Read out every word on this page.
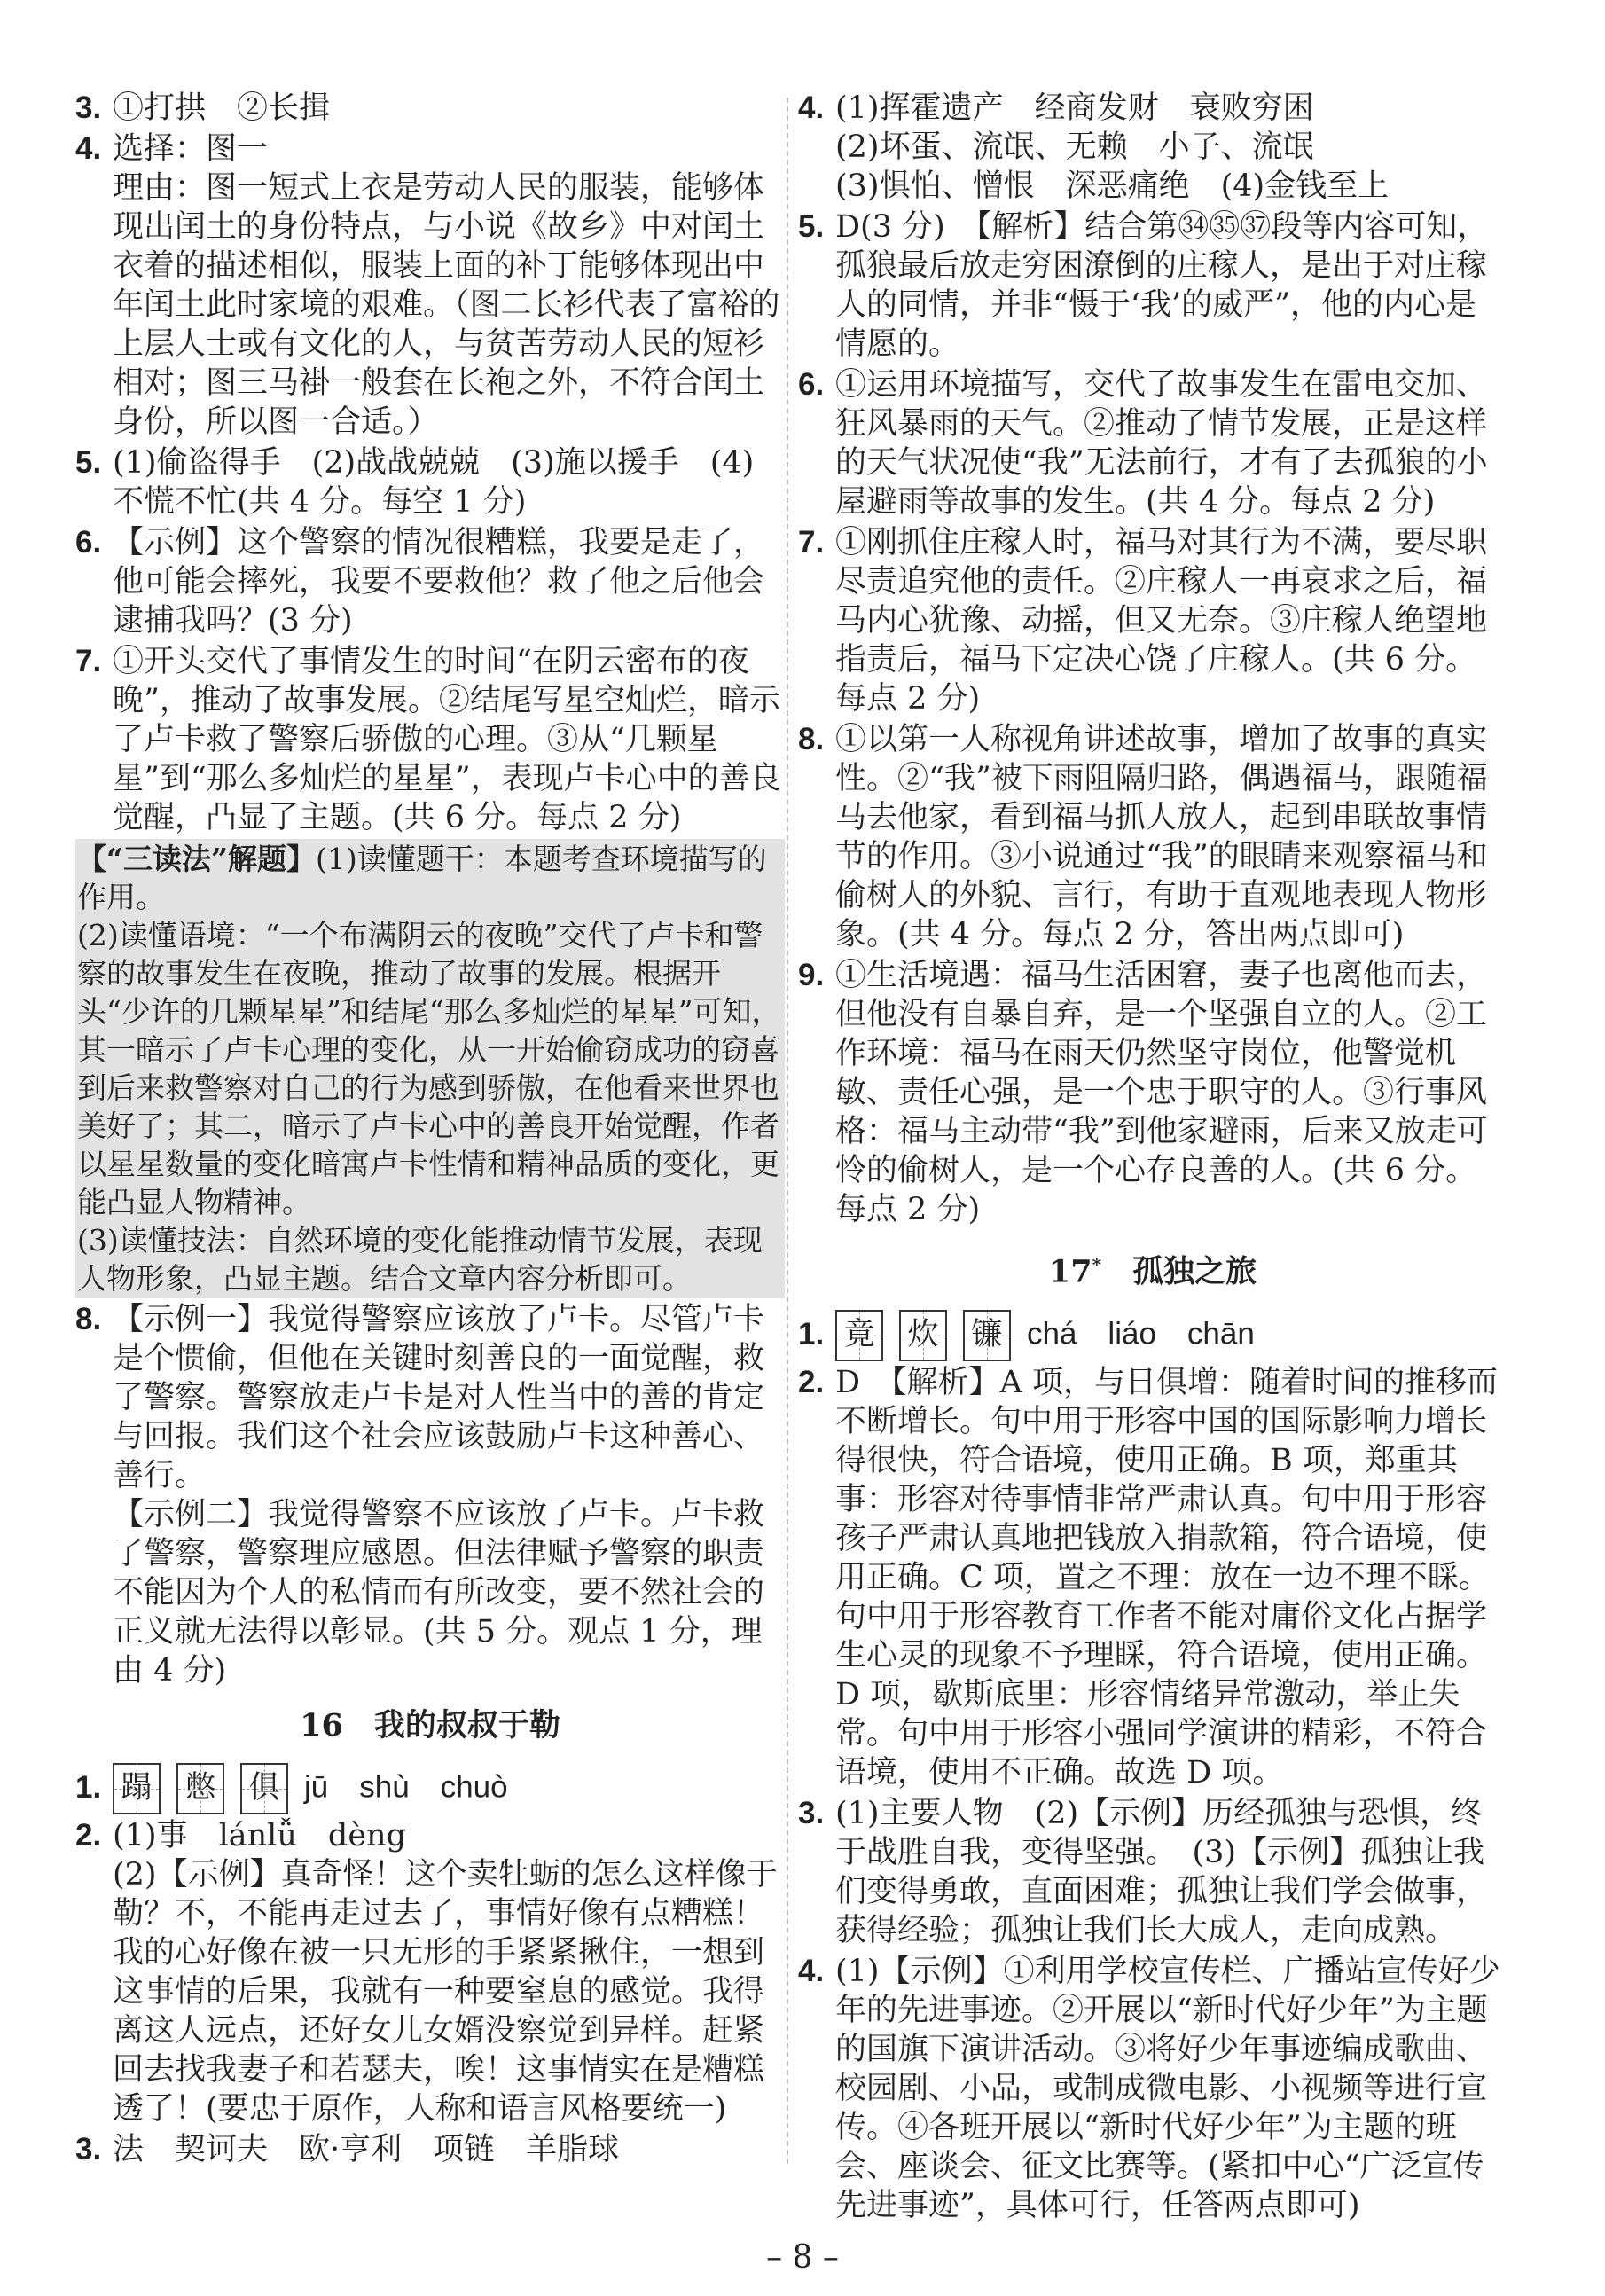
3. ①打拱　②长揖
4. 选择：图一
理由：图一短式上衣是劳动人民的服装，能够体现出闰土的身份特点，与小说《故乡》中对闰土衣着的描述相似，服装上面的补丁能够体现出中年闰土此时家境的艰难。（图二长衫代表了富裕的上层人士或有文化的人，与贫苦劳动人民的短衫相对；图三马褂一般套在长袍之外，不符合闰土身份，所以图一合适。）
5. (1)偷盗得手　(2)战战兢兢　(3)施以援手　(4)不慌不忙(共 4 分。每空 1 分)
6. 【示例】这个警察的情况很糟糕，我要是走了，他可能会摔死，我要不要救他？救了他之后他会逮捕我吗？(3 分)
7. ①开头交代了事情发生的时间“在阴云密布的夜晚”，推动了故事发展。②结尾写星空灿烂，暗示了卢卡救了警察后骄傲的心理。③从“几颗星星”到“那么多灿烂的星星”，表现卢卡心中的善良觉醒，凸显了主题。(共 6 分。每点 2 分)
【“三读法”解题】(1)读懂题干：本题考查环境描写的作用。
(2)读懂语境：“一个布满阴云的夜晚”交代了卢卡和警察的故事发生在夜晚，推动了故事的发展。根据开头“少许的几颗星星”和结尾“那么多灿烂的星星”可知，其一暗示了卢卡心理的变化，从一开始偷窃成功的窃喜到后来救警察对自己的行为感到骄傲，在他看来世界也美好了；其二，暗示了卢卡心中的善良开始觉醒，作者以星星数量的变化暗寓卢卡性情和精神品质的变化，更能凸显人物精神。
(3)读懂技法：自然环境的变化能推动情节发展，表现人物形象，凸显主题。结合文章内容分析即可。
8. 【示例一】我觉得警察应该放了卢卡。尽管卢卡是个惯偷，但他在关键时刻善良的一面觉醒，救了警察。警察放走卢卡是对人性当中的善的肯定与回报。我们这个社会应该鼓励卢卡这种善心、善行。
【示例二】我觉得警察不应该放了卢卡。卢卡救了警察，警察理应感恩。但法律赋予警察的职责不能因为个人的私情而有所改变，要不然社会的正义就无法得以彰显。(共 5 分。观点 1 分，理由 4 分)
16　我的叔叔于勒
1. 蹋 憋 俱 jū　shù　chuò
2. (1)事　lánlǚ　dèng
(2)【示例】真奇怪！这个卖牡蛎的怎么这样像于勒？不，不能再走过去了，事情好像有点糟糕！我的心好像在被一只无形的手紧紧揪住，一想到这事情的后果，我就有一种要窒息的感觉。我得离这人远点，还好女儿女婿没察觉到异样。赶紧回去找我妻子和若瑟夫，唉！这事情实在是糟糕透了！(要忠于原作，人称和语言风格要统一)
3. 法　契诃夫　欧·亨利　项链　羊脂球
4. (1)挥霍遗产　经商发财　衰败穷困
(2)坏蛋、流氓、无赖　小子、流氓
(3)惧怕、憎恨　深恶痛绝　(4)金钱至上
5. D(3 分)　【解析】结合第㉞㉟㊲段等内容可知，孤狼最后放走穷困潦倒的庄稼人，是出于对庄稼人的同情，并非“慑于‘我’的威严”，他的内心是情愿的。
6. ①运用环境描写，交代了故事发生在雷电交加、狂风暴雨的天气。②推动了情节发展，正是这样的天气状况使“我”无法前行，才有了去孤狼的小屋避雨等故事的发生。(共 4 分。每点 2 分)
7. ①刚抓住庄稼人时，福马对其行为不满，要尽职尽责追究他的责任。②庄稼人一再哀求之后，福马内心犹豫、动摇，但又无奈。③庄稼人绝望地指责后，福马下定决心饶了庄稼人。(共 6 分。每点 2 分)
8. ①以第一人称视角讲述故事，增加了故事的真实性。②“我”被下雨阻隔归路，偶遇福马，跟随福马去他家，看到福马抓人放人，起到串联故事情节的作用。③小说通过“我”的眼睛来观察福马和偷树人的外貌、言行，有助于直观地表现人物形象。(共 4 分。每点 2 分，答出两点即可)
9. ①生活境遇：福马生活困窘，妻子也离他而去，但他没有自暴自弃，是一个坚强自立的人。②工作环境：福马在雨天仍然坚守岗位，他警觉机敏、责任心强，是一个忠于职守的人。③行事风格：福马主动带“我”到他家避雨，后来又放走可怜的偷树人，是一个心存良善的人。(共 6 分。每点 2 分)
17*　 孤独之旅
1. 竟 炊 镰 chá　liáo　chān
2. D　【解析】A 项，与日俱增：随着时间的推移而不断增长。句中用于形容中国的国际影响力增长得很快，符合语境，使用正确。B 项，郑重其事：形容对待事情非常严肃认真。句中用于形容孩子严肃认真地把钱放入捐款箱，符合语境，使用正确。C 项，置之不理：放在一边不理不睬。句中用于形容教育工作者不能对庸俗文化占据学生心灵的现象不予理睬，符合语境，使用正确。D 项，歇斯底里：形容情绪异常激动，举止失常。句中用于形容小强同学演讲的精彩，不符合语境，使用不正确。故选 D 项。
3. (1)主要人物　(2)【示例】历经孤独与恐惧，终于战胜自我，变得坚强。　(3)【示例】孤独让我们变得勇敢，直面困难；孤独让我们学会做事，获得经验；孤独让我们长大成人，走向成熟。
4. (1)【示例】①利用学校宣传栏、广播站宣传好少年的先进事迹。②开展以“新时代好少年”为主题的国旗下演讲活动。③将好少年事迹编成歌曲、校园剧、小品，或制成微电影、小视频等进行宣传。④各班开展以“新时代好少年”为主题的班会、座谈会、征文比赛等。(紧扣中心“广泛宣传先进事迹”，具体可行，任答两点即可)
– 8 –
